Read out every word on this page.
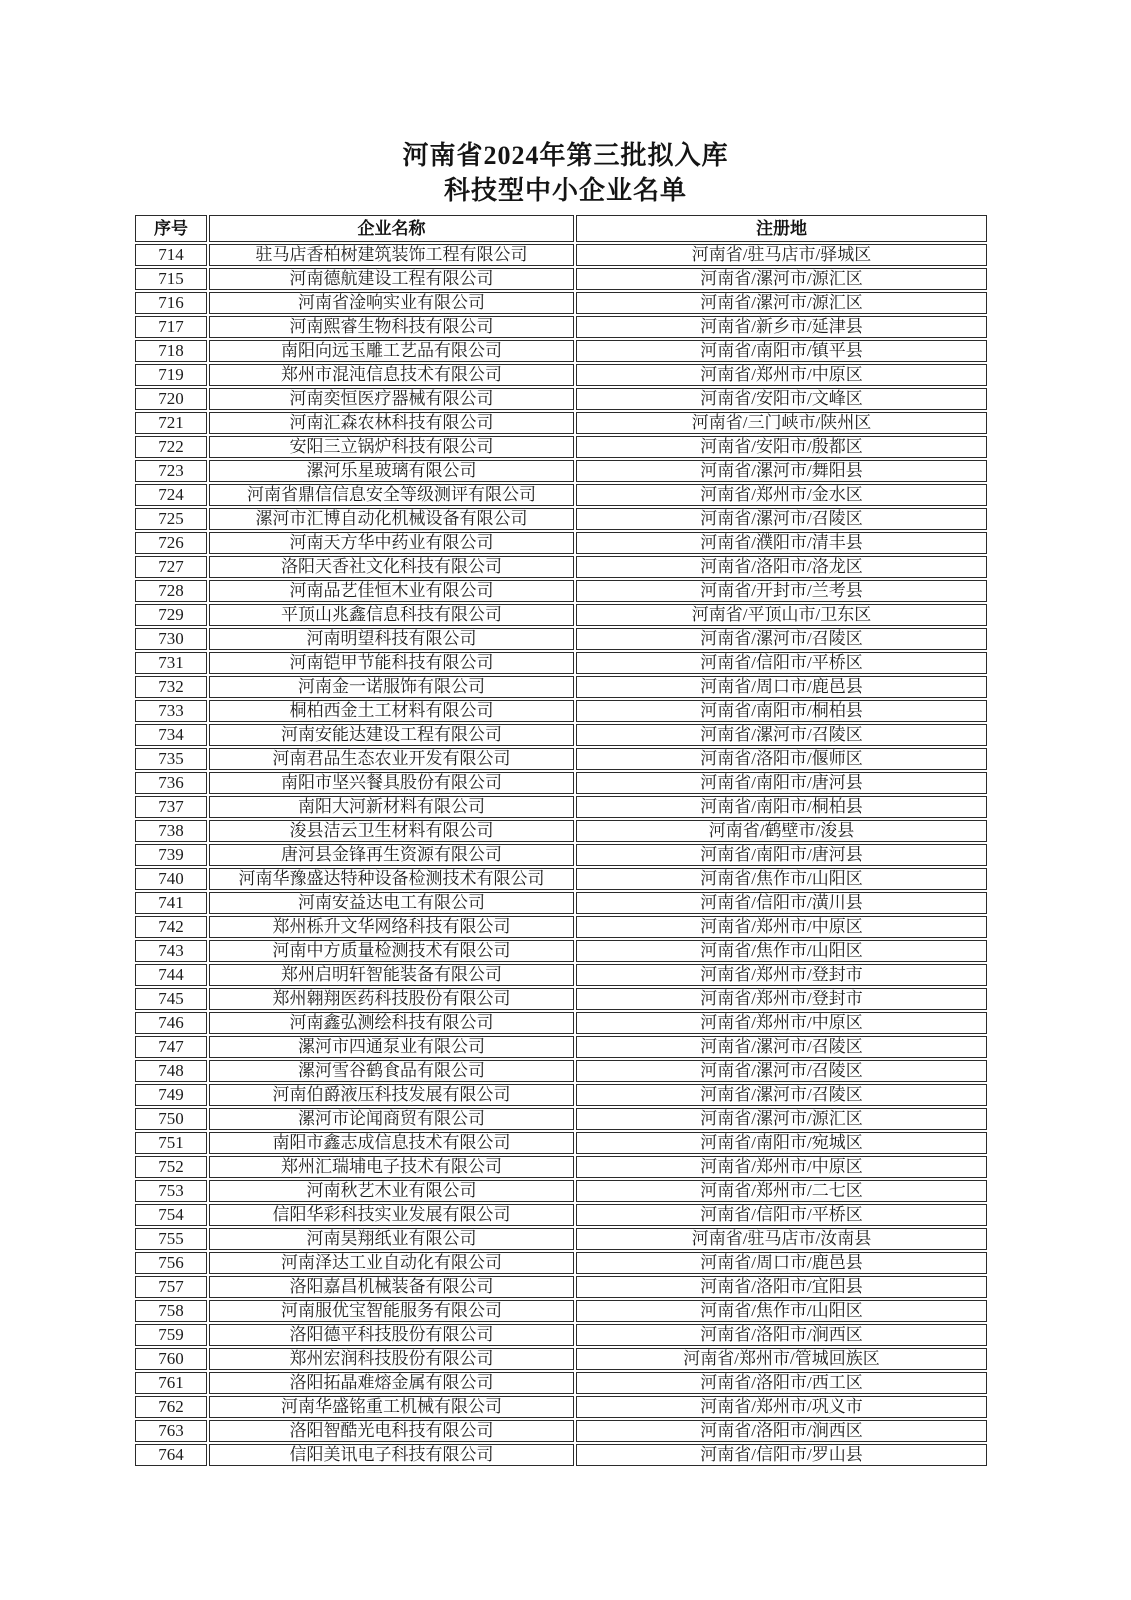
河南省2024年第三批拟入库
科技型中小企业名单
序号	企业名称	注册地
714	驻马店香柏树建筑装饰工程有限公司	河南省/驻马店市/驿城区
715	河南德航建设工程有限公司	河南省/漯河市/源汇区
716	河南省淦响实业有限公司	河南省/漯河市/源汇区
717	河南熙睿生物科技有限公司	河南省/新乡市/延津县
718	南阳向远玉雕工艺品有限公司	河南省/南阳市/镇平县
719	郑州市混沌信息技术有限公司	河南省/郑州市/中原区
720	河南奕恒医疗器械有限公司	河南省/安阳市/文峰区
721	河南汇森农林科技有限公司	河南省/三门峡市/陕州区
722	安阳三立锅炉科技有限公司	河南省/安阳市/殷都区
723	漯河乐星玻璃有限公司	河南省/漯河市/舞阳县
724	河南省鼎信信息安全等级测评有限公司	河南省/郑州市/金水区
725	漯河市汇博自动化机械设备有限公司	河南省/漯河市/召陵区
726	河南天方华中药业有限公司	河南省/濮阳市/清丰县
727	洛阳天香社文化科技有限公司	河南省/洛阳市/洛龙区
728	河南品艺佳恒木业有限公司	河南省/开封市/兰考县
729	平顶山兆鑫信息科技有限公司	河南省/平顶山市/卫东区
730	河南明望科技有限公司	河南省/漯河市/召陵区
731	河南铠甲节能科技有限公司	河南省/信阳市/平桥区
732	河南金一诺服饰有限公司	河南省/周口市/鹿邑县
733	桐柏西金土工材料有限公司	河南省/南阳市/桐柏县
734	河南安能达建设工程有限公司	河南省/漯河市/召陵区
735	河南君品生态农业开发有限公司	河南省/洛阳市/偃师区
736	南阳市坚兴餐具股份有限公司	河南省/南阳市/唐河县
737	南阳大河新材料有限公司	河南省/南阳市/桐柏县
738	浚县洁云卫生材料有限公司	河南省/鹤壁市/浚县
739	唐河县金锋再生资源有限公司	河南省/南阳市/唐河县
740	河南华豫盛达特种设备检测技术有限公司	河南省/焦作市/山阳区
741	河南安益达电工有限公司	河南省/信阳市/潢川县
742	郑州栎升文华网络科技有限公司	河南省/郑州市/中原区
743	河南中方质量检测技术有限公司	河南省/焦作市/山阳区
744	郑州启明轩智能装备有限公司	河南省/郑州市/登封市
745	郑州翱翔医药科技股份有限公司	河南省/郑州市/登封市
746	河南鑫弘测绘科技有限公司	河南省/郑州市/中原区
747	漯河市四通泵业有限公司	河南省/漯河市/召陵区
748	漯河雪谷鹤食品有限公司	河南省/漯河市/召陵区
749	河南伯爵液压科技发展有限公司	河南省/漯河市/召陵区
750	漯河市论闻商贸有限公司	河南省/漯河市/源汇区
751	南阳市鑫志成信息技术有限公司	河南省/南阳市/宛城区
752	郑州汇瑞埔电子技术有限公司	河南省/郑州市/中原区
753	河南秋艺木业有限公司	河南省/郑州市/二七区
754	信阳华彩科技实业发展有限公司	河南省/信阳市/平桥区
755	河南昊翔纸业有限公司	河南省/驻马店市/汝南县
756	河南泽达工业自动化有限公司	河南省/周口市/鹿邑县
757	洛阳嘉昌机械装备有限公司	河南省/洛阳市/宜阳县
758	河南服优宝智能服务有限公司	河南省/焦作市/山阳区
759	洛阳德平科技股份有限公司	河南省/洛阳市/涧西区
760	郑州宏润科技股份有限公司	河南省/郑州市/管城回族区
761	洛阳拓晶难熔金属有限公司	河南省/洛阳市/西工区
762	河南华盛铭重工机械有限公司	河南省/郑州市/巩义市
763	洛阳智酷光电科技有限公司	河南省/洛阳市/涧西区
764	信阳美讯电子科技有限公司	河南省/信阳市/罗山县
